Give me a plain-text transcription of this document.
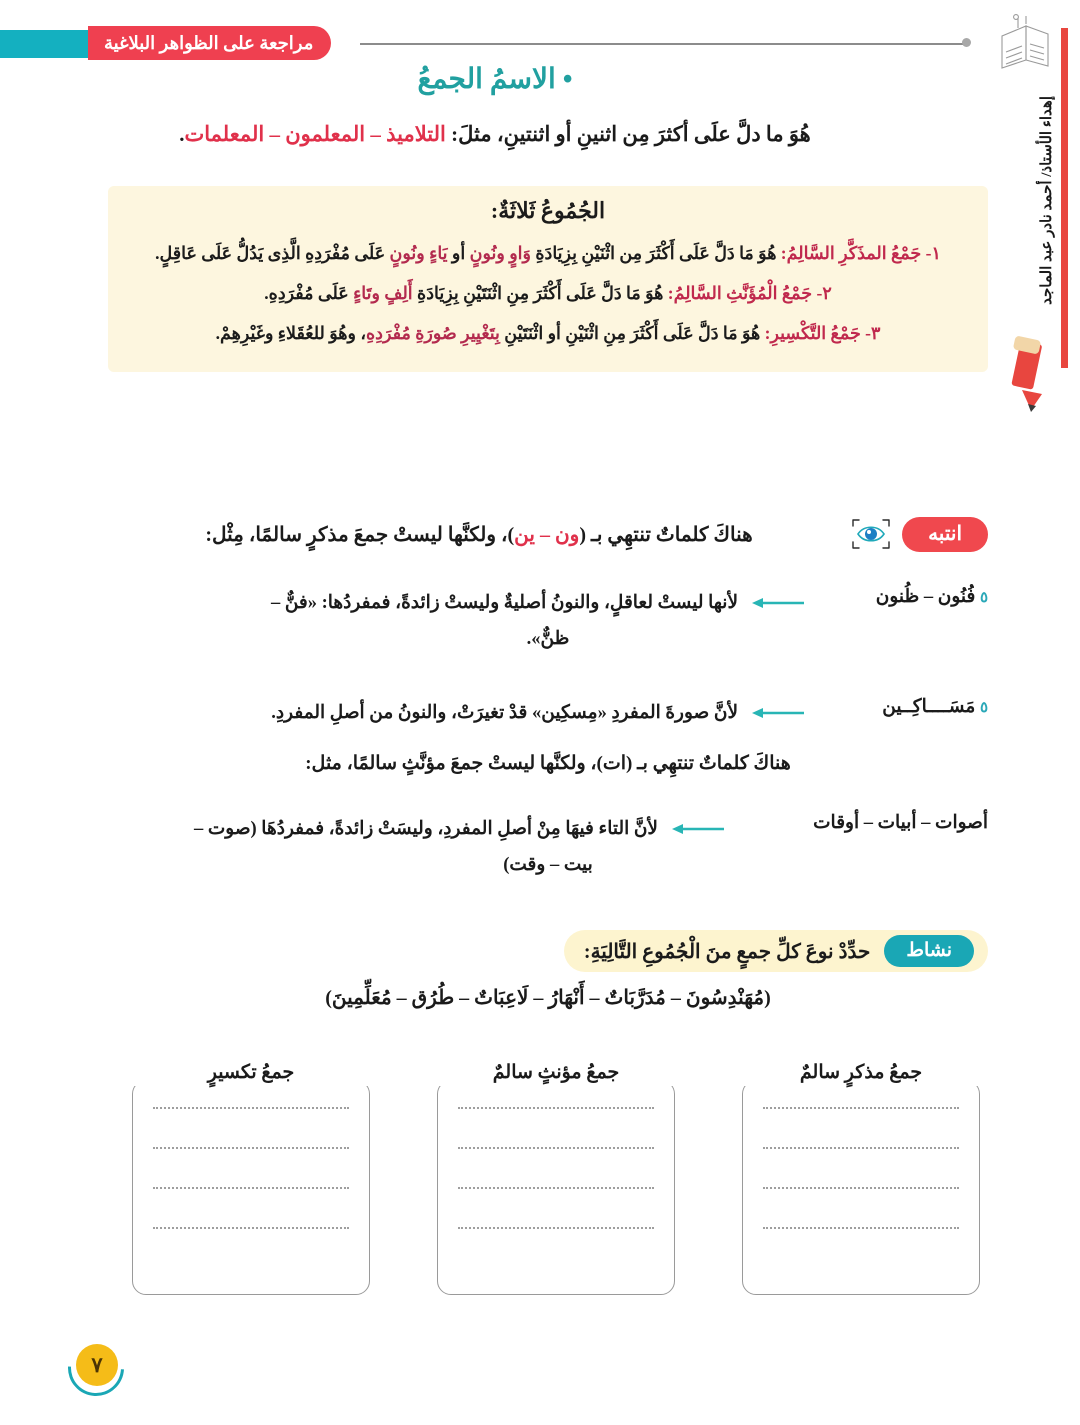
مراجعة على الظواهر البلاغية
إهداء الأستاذ/ أحمد نادر عبد الماجد
• الاسمُ الجمعُ
هُوَ ما دلَّ علَى أكثرَ مِن اثنينِ أو اثنتينِ، مثلَ: التلاميذ – المعلمون – المعلمات.
الجُمُوعُ ثَلاثَةٌ:
١- جَمْعُ المذَكَّرِ السَّالِمُ: هُوَ مَا دَلَّ عَلَى أَكْثَرَ مِن اثْنَيْنِ بِزِيَادَةِ وَاوٍ ونُونٍ أو يَاءٍ ونُونٍ عَلَى مُفْرَدِهِ الَّذِى يَدُلُّ عَلَى عَاقِلٍ.
٢- جَمْعُ الْمُؤَنَّثِ السَّالِمُ: هُوَ مَا دَلَّ عَلَى أَكْثَرَ مِنِ اثْنَتَيْنِ بِزِيَادَةِ أَلِفٍ وتَاءٍ عَلَى مُفْرَدِهِ.
٣- جَمْعُ التَّكْسِيرِ: هُوَ مَا دَلَّ عَلَى أَكْثَرَ مِنِ اثْنَيْنِ أو اثْنَتَيْنِ بِتَغْيِيرِ صُورَةِ مُفْرَدِهِ، وهُوَ للعُقَلاءِ وغَيْرِهِمْ.
انتبه
هناكَ كلماتٌ تنتهِي بـ (ون – ين)، ولكنَّها ليستْ جمعَ مذكرٍ سالمًا، مِثْل:
٥ فُنُون – ظُنون
لأنها ليستْ لعاقلٍ، والنونُ أصليةٌ وليستْ زائدةً، فمفردُها: «فنٌّ –
ظنٌّ».
٥ مَسَــــاكِــين
لأنَّ صورةَ المفردِ «مِسكِين» قدْ تغيرَتْ، والنونُ من أصلِ المفردِ.
هناكَ كلماتٌ تنتهِي بـ (ات)، ولكنَّها ليستْ جمعَ مؤنَّثٍ سالمًا، مثل:
أصوات – أبيات – أوقات
لأنَّ التاء فيهَا مِنْ أصلِ المفردِ، وليسَتْ زائدةً، فمفردُهَا (صوت –
بيت – وقت)
نشاط
حدِّدْ نوعَ كلِّ جمعٍ منَ الْجُمُوعِ التَّالِيَةِ:
(مُهَنْدِسُونَ – مُدَرَّبَاتٌ – أَنْهَارُ – لَاعِبَاتٌ – طُرُق – مُعَلِّمِينَ)
جمعُ مذكرٍ سالمٌ
جمعُ مؤنثٍ سالمٌ
جمعُ تكسيرٍ
٧
